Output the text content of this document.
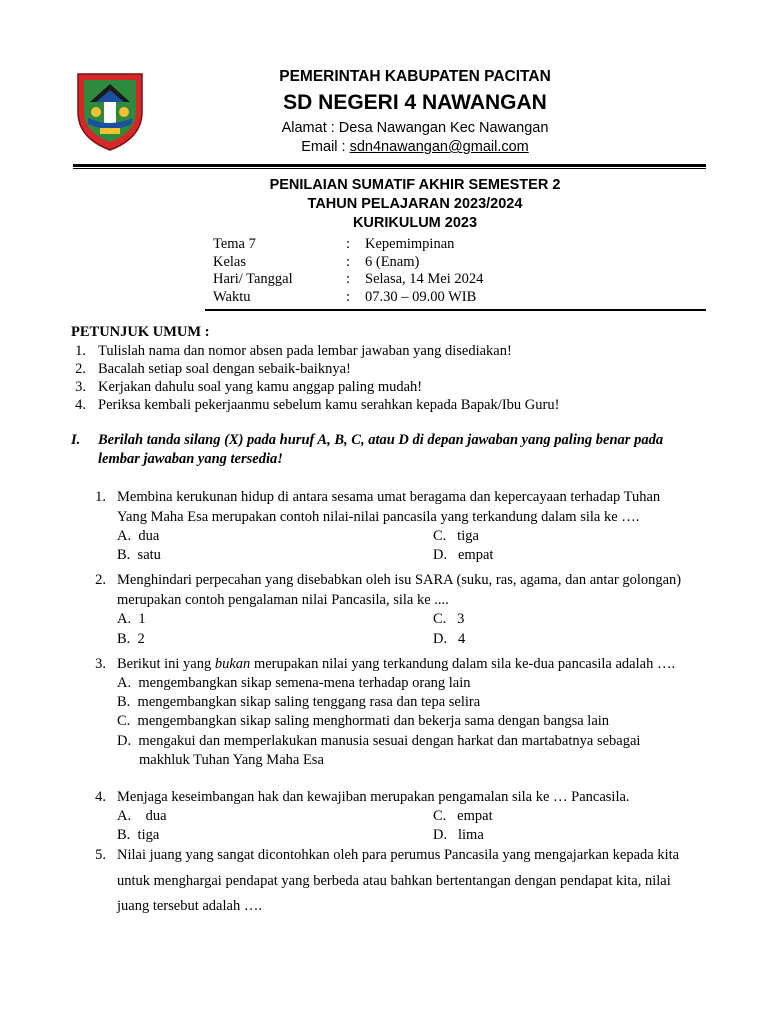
PEMERINTAH KABUPATEN PACITAN
SD NEGERI 4 NAWANGAN
Alamat : Desa Nawangan Kec Nawangan
Email : sdn4nawangan@gmail.com
PENILAIAN SUMATIF AKHIR SEMESTER 2
TAHUN PELAJARAN 2023/2024
KURIKULUM 2023
Tema 7	: Kepemimpinan
Kelas	: 6 (Enam)
Hari/ Tanggal	: Selasa, 14 Mei 2024
Waktu	: 07.30 – 09.00 WIB
PETUNJUK UMUM :
1. Tulislah nama dan nomor absen pada lembar jawaban yang disediakan!
2. Bacalah setiap soal dengan sebaik-baiknya!
3. Kerjakan dahulu soal yang kamu anggap paling mudah!
4. Periksa kembali pekerjaanmu sebelum kamu serahkan kepada Bapak/Ibu Guru!
I. Berilah tanda silang (X) pada huruf A, B, C, atau D di depan jawaban yang paling benar pada
lembar jawaban yang tersedia!
1. Membina kerukunan hidup di antara sesama umat beragama dan kepercayaan terhadap Tuhan
Yang Maha Esa merupakan contoh nilai-nilai pancasila yang terkandung dalam sila ke ….
A.  dua	C.   tiga
B.  satu	D.   empat
2. Menghindari perpecahan yang disebabkan oleh isu SARA (suku, ras, agama, dan antar golongan)
merupakan contoh pengalaman nilai Pancasila, sila ke ....
A.  1	C.   3
B.  2	D.   4
3. Berikut ini yang bukan merupakan nilai yang terkandung dalam sila ke-dua pancasila adalah ….
A.  mengembangkan sikap semena-mena terhadap orang lain
B.  mengembangkan sikap saling tenggang rasa dan tepa selira
C.  mengembangkan sikap saling menghormati dan bekerja sama dengan bangsa lain
D.  mengakui dan memperlakukan manusia sesuai dengan harkat dan martabatnya sebagai
makhluk Tuhan Yang Maha Esa
4. Menjaga keseimbangan hak dan kewajiban merupakan pengamalan sila ke … Pancasila.
A.    dua	C.   empat
B.  tiga	D.   lima
5. Nilai juang yang sangat dicontohkan oleh para perumus Pancasila yang mengajarkan kepada kita
untuk menghargai pendapat yang berbeda atau bahkan bertentangan dengan pendapat kita, nilai
juang tersebut adalah ….
